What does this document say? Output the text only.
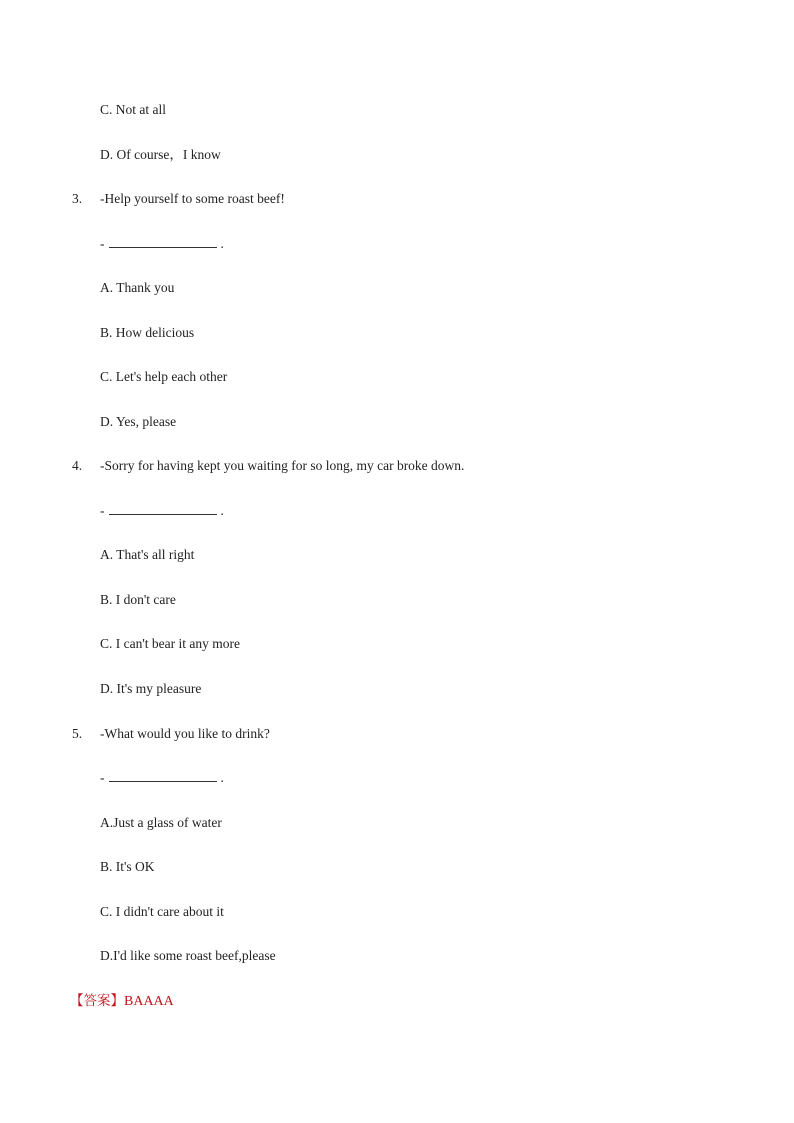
C. Not at all
D. Of course，I know
3. -Help yourself to some roast beef!
-	.
A. Thank you
B. How delicious
C. Let's help each other
D. Yes, please
4. -Sorry for having kept you waiting for so long, my car broke down.
-	.
A. That's all right
B. I don't care
C. I can't bear it any more
D. It's my pleasure
5. -What would you like to drink?
-	.
A.Just a glass of water
B. It's OK
C. I didn't care about it
D.I'd like some roast beef,please
【答案】BAAAA
